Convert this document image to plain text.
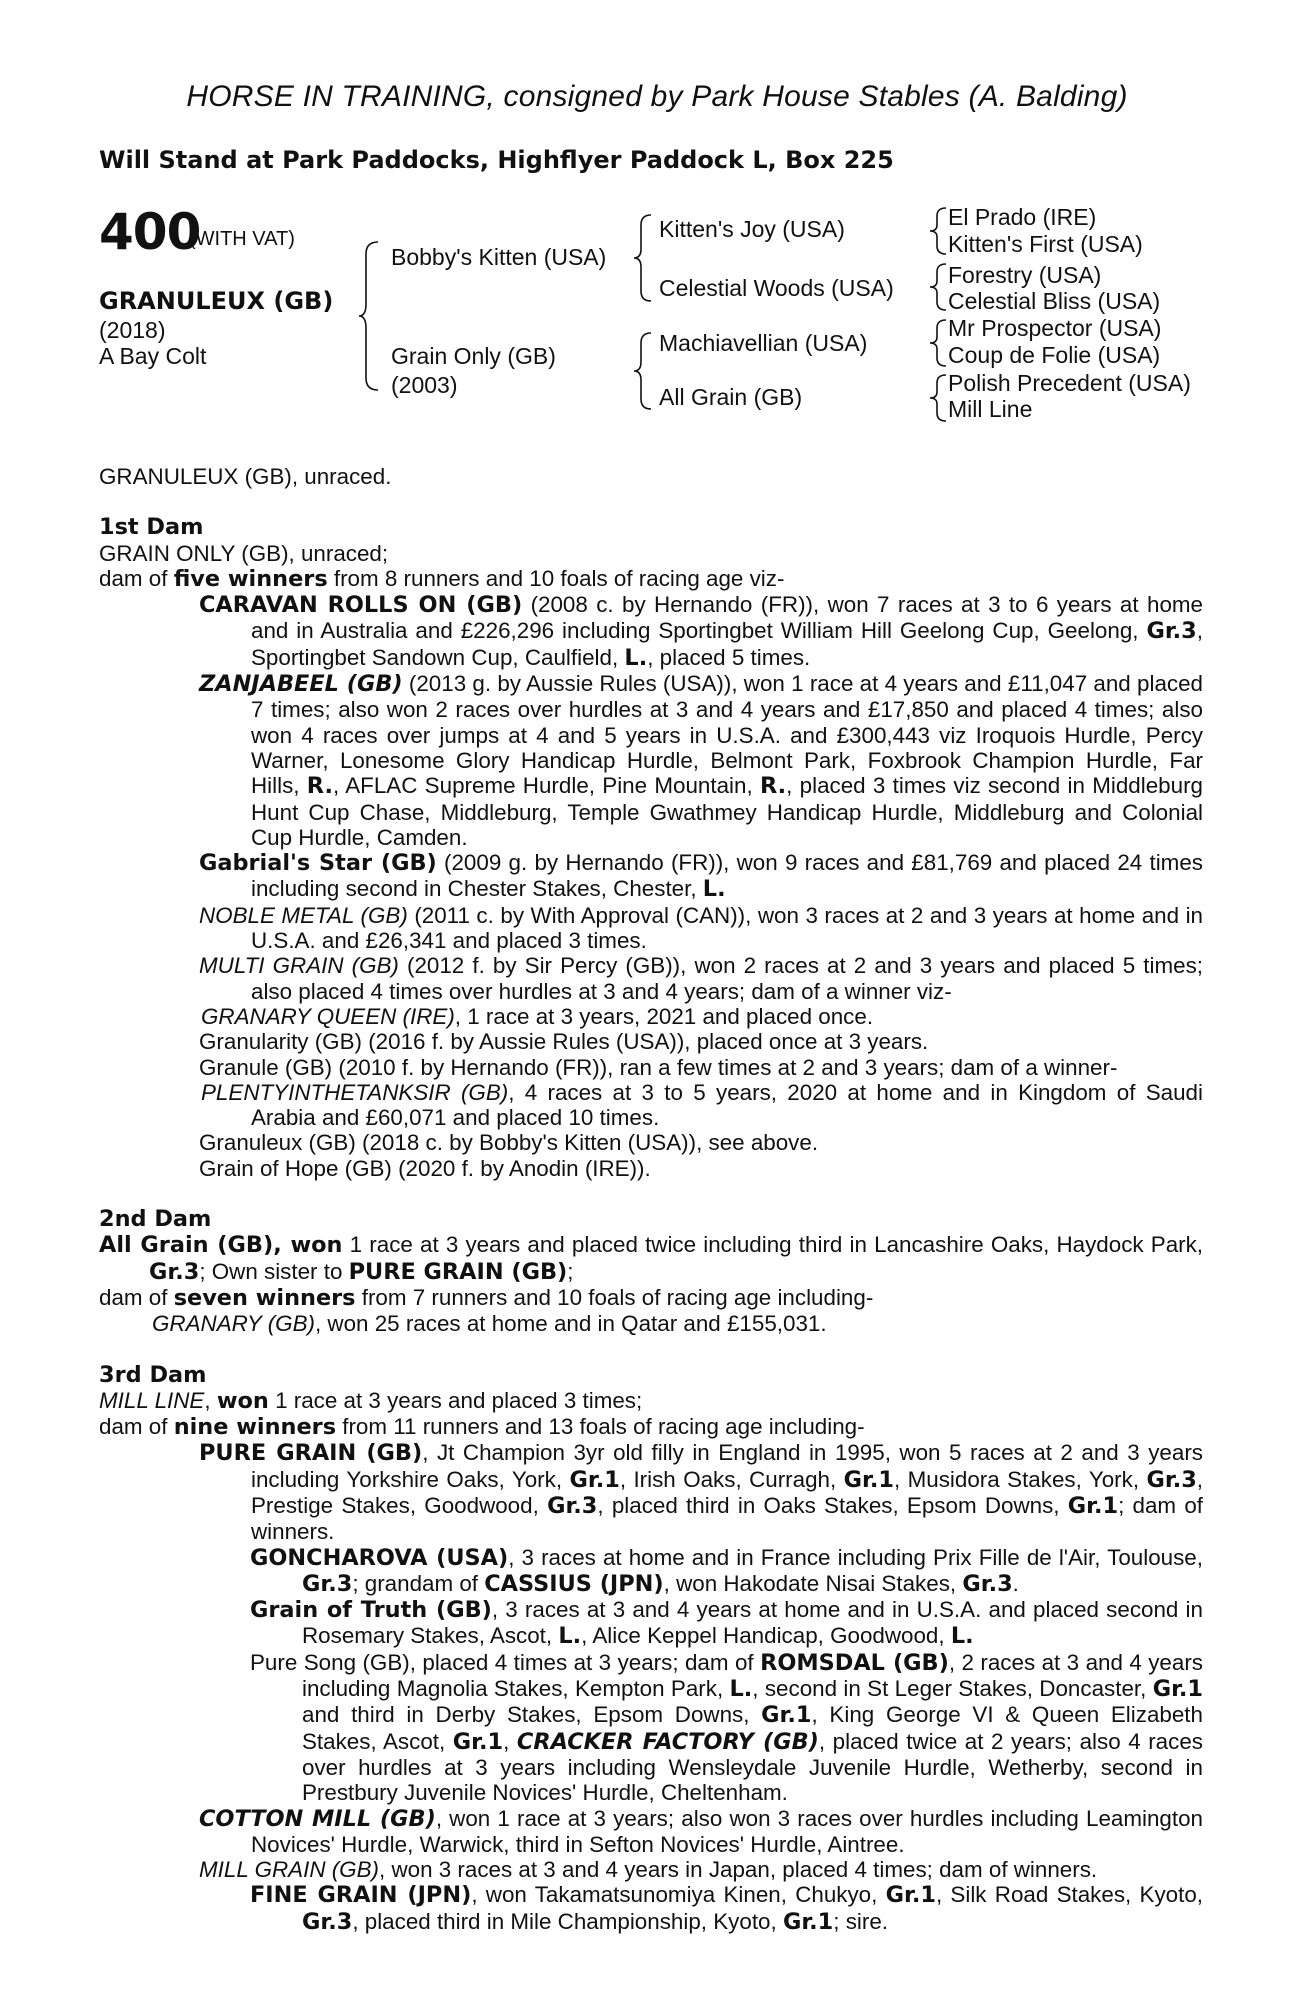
HORSE IN TRAINING, consigned by Park House Stables (A. Balding)
Will Stand at Park Paddocks, Highflyer Paddock L, Box 225
400
(WITH VAT)
GRANULEUX (GB)
(2018)
A Bay Colt
Bobby's Kitten (USA)
Grain Only (GB)
(2003)
Kitten's Joy (USA)
Celestial Woods (USA)
Machiavellian (USA)
All Grain (GB)
El Prado (IRE)
Kitten's First (USA)
Forestry (USA)
Celestial Bliss (USA)
Mr Prospector (USA)
Coup de Folie (USA)
Polish Precedent (USA)
Mill Line

GRANULEUX (GB), unraced.

1st Dam

GRAIN ONLY (GB), unraced;

dam of five winners from 8 runners and 10 foals of racing age viz-

CARAVAN ROLLS ON (GB) (2008 c. by Hernando (FR)), won 7 races at 3 to 6 years at home and in Australia and £226,296 including Sportingbet William Hill Geelong Cup, Geelong, Gr.3, Sportingbet Sandown Cup, Caulfield, L., placed 5 times.

ZANJABEEL (GB) (2013 g. by Aussie Rules (USA)), won 1 race at 4 years and £11,047 and placed 7 times; also won 2 races over hurdles at 3 and 4 years and £17,850 and placed 4 times; also won 4 races over jumps at 4 and 5 years in U.S.A. and £300,443 viz Iroquois Hurdle, Percy Warner, Lonesome Glory Handicap Hurdle, Belmont Park, Foxbrook Champion Hurdle, Far Hills, R., AFLAC Supreme Hurdle, Pine Mountain, R., placed 3 times viz second in Middleburg Hunt Cup Chase, Middleburg, Temple Gwathmey Handicap Hurdle, Middleburg and Colonial Cup Hurdle, Camden.

Gabrial's Star (GB) (2009 g. by Hernando (FR)), won 9 races and £81,769 and placed 24 times including second in Chester Stakes, Chester, L.

NOBLE METAL (GB) (2011 c. by With Approval (CAN)), won 3 races at 2 and 3 years at home and in U.S.A. and £26,341 and placed 3 times.

MULTI GRAIN (GB) (2012 f. by Sir Percy (GB)), won 2 races at 2 and 3 years and placed 5 times; also placed 4 times over hurdles at 3 and 4 years; dam of a winner viz-

GRANARY QUEEN (IRE), 1 race at 3 years, 2021 and placed once.

Granularity (GB) (2016 f. by Aussie Rules (USA)), placed once at 3 years.

Granule (GB) (2010 f. by Hernando (FR)), ran a few times at 2 and 3 years; dam of a winner-

PLENTYINTHETANKSIR (GB), 4 races at 3 to 5 years, 2020 at home and in Kingdom of Saudi Arabia and £60,071 and placed 10 times.

Granuleux (GB) (2018 c. by Bobby's Kitten (USA)), see above.

Grain of Hope (GB) (2020 f. by Anodin (IRE)).

2nd Dam

All Grain (GB), won 1 race at 3 years and placed twice including third in Lancashire Oaks, Haydock Park, Gr.3; Own sister to PURE GRAIN (GB);

dam of seven winners from 7 runners and 10 foals of racing age including-

GRANARY (GB), won 25 races at home and in Qatar and £155,031.

3rd Dam

MILL LINE, won 1 race at 3 years and placed 3 times;

dam of nine winners from 11 runners and 13 foals of racing age including-

PURE GRAIN (GB), Jt Champion 3yr old filly in England in 1995, won 5 races at 2 and 3 years including Yorkshire Oaks, York, Gr.1, Irish Oaks, Curragh, Gr.1, Musidora Stakes, York, Gr.3, Prestige Stakes, Goodwood, Gr.3, placed third in Oaks Stakes, Epsom Downs, Gr.1; dam of winners.

GONCHAROVA (USA), 3 races at home and in France including Prix Fille de l'Air, Toulouse, Gr.3; grandam of CASSIUS (JPN), won Hakodate Nisai Stakes, Gr.3.

Grain of Truth (GB), 3 races at 3 and 4 years at home and in U.S.A. and placed second in Rosemary Stakes, Ascot, L., Alice Keppel Handicap, Goodwood, L.

Pure Song (GB), placed 4 times at 3 years; dam of ROMSDAL (GB), 2 races at 3 and 4 years including Magnolia Stakes, Kempton Park, L., second in St Leger Stakes, Doncaster, Gr.1 and third in Derby Stakes, Epsom Downs, Gr.1, King George VI & Queen Elizabeth Stakes, Ascot, Gr.1, CRACKER FACTORY (GB), placed twice at 2 years; also 4 races over hurdles at 3 years including Wensleydale Juvenile Hurdle, Wetherby, second in Prestbury Juvenile Novices' Hurdle, Cheltenham.

COTTON MILL (GB), won 1 race at 3 years; also won 3 races over hurdles including Leamington Novices' Hurdle, Warwick, third in Sefton Novices' Hurdle, Aintree.

MILL GRAIN (GB), won 3 races at 3 and 4 years in Japan, placed 4 times; dam of winners.

FINE GRAIN (JPN), won Takamatsunomiya Kinen, Chukyo, Gr.1, Silk Road Stakes, Kyoto, Gr.3, placed third in Mile Championship, Kyoto, Gr.1; sire.
